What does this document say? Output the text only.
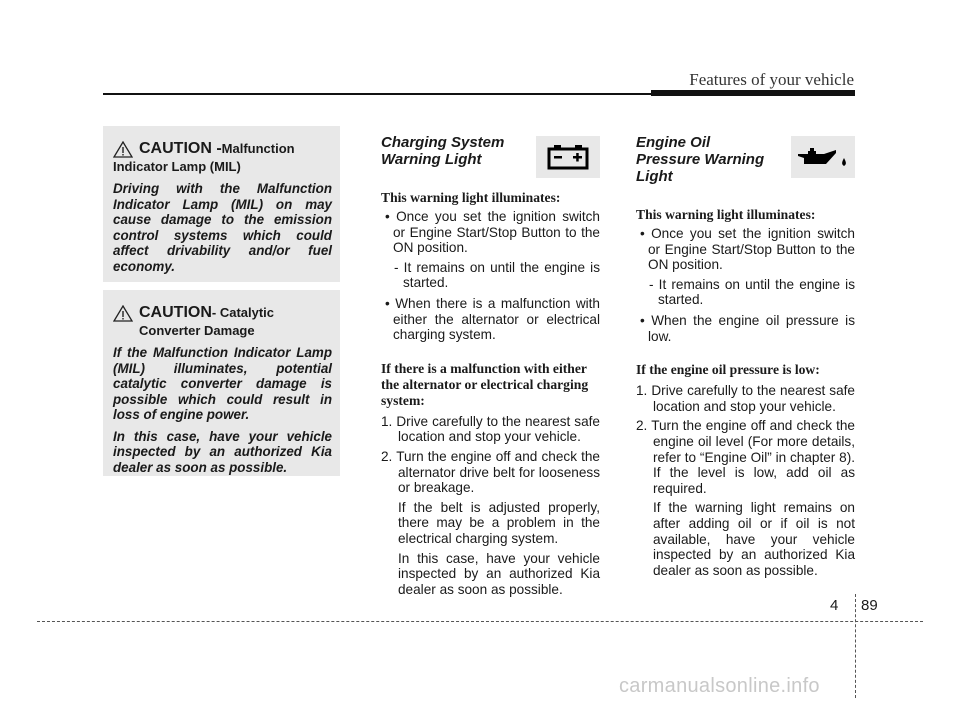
Features of your vehicle
CAUTION - Malfunction
Indicator Lamp (MIL)
Driving with the Malfunction Indicator Lamp (MIL) on may cause damage to the emission control systems which could affect drivability and/or fuel economy.
CAUTION - Catalytic
Converter Damage
If the Malfunction Indicator Lamp (MIL) illuminates, potential catalytic converter damage is possible which could result in loss of engine power.
In this case, have your vehicle inspected by an authorized Kia dealer as soon as possible.
Charging System Warning Light

This warning light illuminates:

• Once you set the ignition switch or Engine Start/Stop Button to the ON position.

- It remains on until the engine is started.

• When there is a malfunction with either the alternator or electrical charging system.

If there is a malfunction with either the alternator or electrical charging system:

1. Drive carefully to the nearest safe location and stop your vehicle.

2. Turn the engine off and check the alternator drive belt for looseness or breakage.

If the belt is adjusted properly, there may be a problem in the electrical charging system.

In this case, have your vehicle inspected by an authorized Kia dealer as soon as possible.

Engine Oil Pressure Warning Light

This warning light illuminates:

• Once you set the ignition switch or Engine Start/Stop Button to the ON position.

- It remains on until the engine is started.

• When the engine oil pressure is low.

If the engine oil pressure is low:

1. Drive carefully to the nearest safe location and stop your vehicle.

2. Turn the engine off and check the engine oil level (For more details, refer to “Engine Oil” in chapter 8). If the level is low, add oil as required.

If the warning light remains on after adding oil or if oil is not available, have your vehicle inspected by an authorized Kia dealer as soon as possible.

4 89
carmanualsonline.info
